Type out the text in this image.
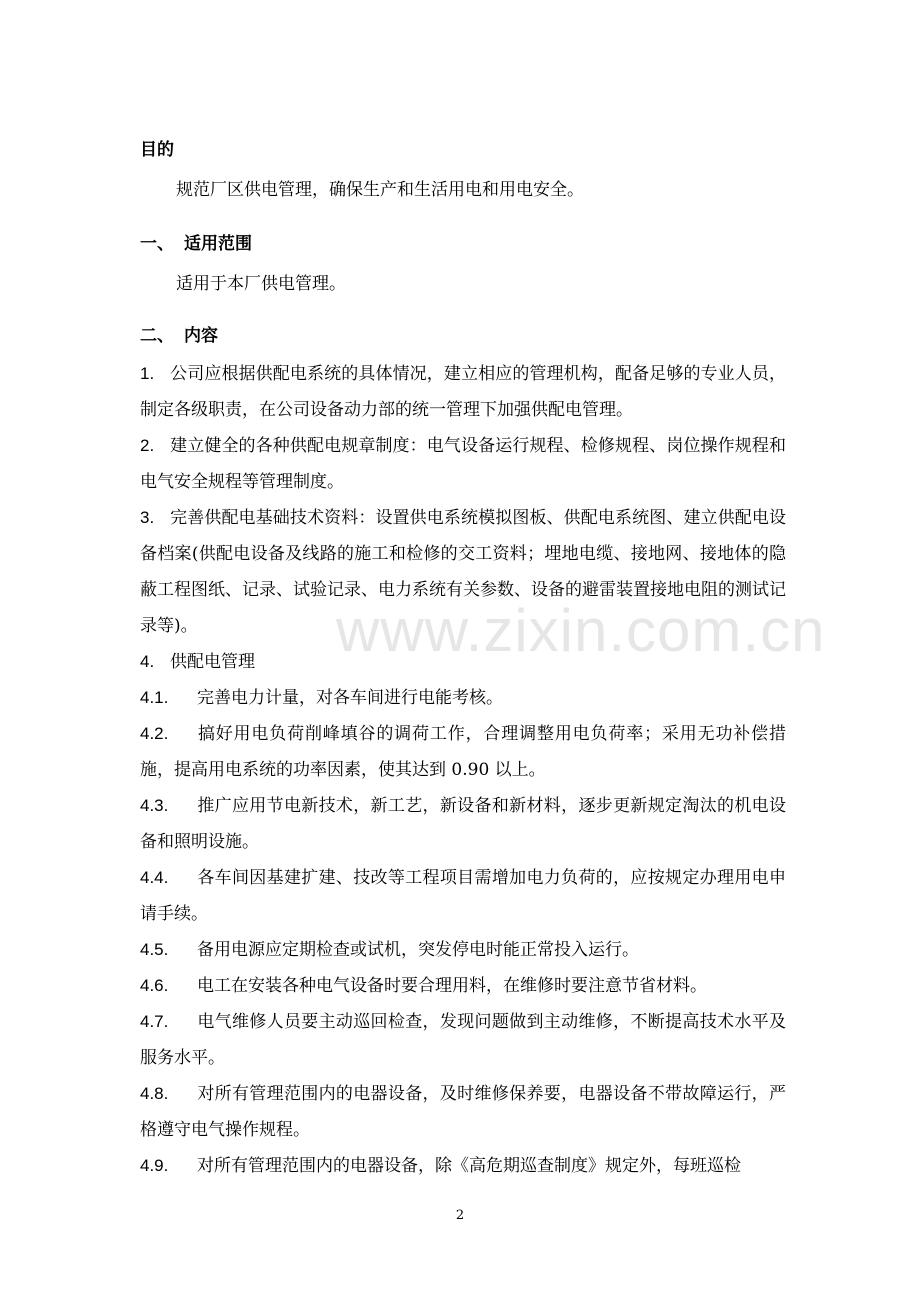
目的
规范厂区供电管理，确保生产和生活用电和用电安全。
一、 适用范围
适用于本厂供电管理。
二、 内容
1. 公司应根据供配电系统的具体情况，建立相应的管理机构，配备足够的专业人员，制定各级职责，在公司设备动力部的统一管理下加强供配电管理。
2. 建立健全的各种供配电规章制度：电气设备运行规程、检修规程、岗位操作规程和电气安全规程等管理制度。
3. 完善供配电基础技术资料：设置供电系统模拟图板、供配电系统图、建立供配电设备档案(供配电设备及线路的施工和检修的交工资料；埋地电缆、接地网、接地体的隐蔽工程图纸、记录、试验记录、电力系统有关参数、设备的避雷装置接地电阻的测试记录等)。
4. 供配电管理
4.1. 完善电力计量，对各车间进行电能考核。
4.2. 搞好用电负荷削峰填谷的调荷工作，合理调整用电负荷率；采用无功补偿措施，提高用电系统的功率因素，使其达到 0.90 以上。
4.3. 推广应用节电新技术，新工艺，新设备和新材料，逐步更新规定淘汰的机电设备和照明设施。
4.4. 各车间因基建扩建、技改等工程项目需增加电力负荷的，应按规定办理用电申请手续。
4.5. 备用电源应定期检查或试机，突发停电时能正常投入运行。
4.6. 电工在安装各种电气设备时要合理用料，在维修时要注意节省材料。
4.7. 电气维修人员要主动巡回检查，发现问题做到主动维修，不断提高技术水平及服务水平。
4.8. 对所有管理范围内的电器设备，及时维修保养要，电器设备不带故障运行，严格遵守电气操作规程。
4.9. 对所有管理范围内的电器设备，除《高危期巡查制度》规定外，每班巡检
www.zixin.com.cn
2
